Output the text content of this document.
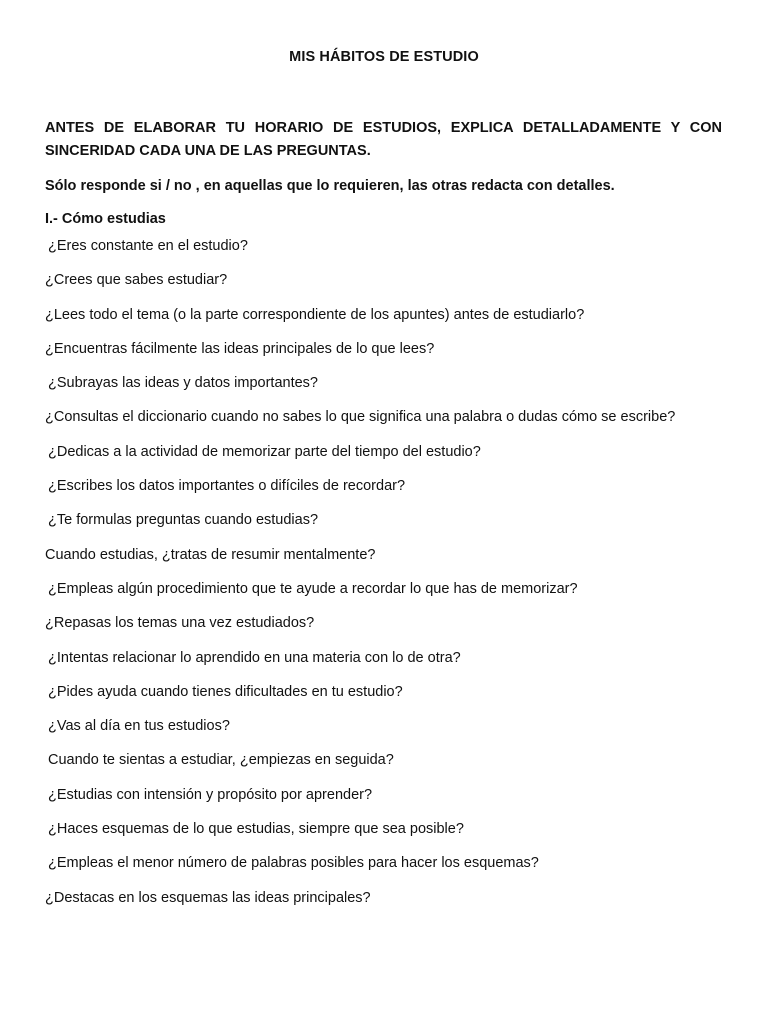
MIS HÁBITOS DE ESTUDIO
ANTES DE ELABORAR TU HORARIO DE ESTUDIOS, EXPLICA DETALLADAMENTE Y CON SINCERIDAD CADA UNA DE LAS PREGUNTAS.
Sólo responde si / no , en aquellas que lo requieren, las otras redacta con detalles.
I.- Cómo estudias
¿Eres constante en el estudio?
¿Crees que sabes estudiar?
¿Lees todo el tema (o la parte correspondiente de los apuntes) antes de estudiarlo?
¿Encuentras fácilmente las ideas principales de lo que lees?
¿Subrayas las ideas y datos importantes?
¿Consultas el diccionario cuando no sabes lo que significa una palabra o dudas cómo se escribe?
¿Dedicas a la actividad de memorizar parte del tiempo del estudio?
¿Escribes los datos importantes o difíciles de recordar?
¿Te formulas preguntas cuando estudias?
Cuando estudias, ¿tratas de resumir mentalmente?
¿Empleas algún procedimiento que te ayude a recordar lo que has de memorizar?
¿Repasas los temas una vez estudiados?
¿Intentas relacionar lo aprendido en una materia con lo de otra?
¿Pides ayuda cuando tienes dificultades en tu estudio?
¿Vas al día en tus estudios?
Cuando te sientas a estudiar, ¿empiezas en seguida?
¿Estudias con intensión y propósito por aprender?
¿Haces esquemas de lo que estudias, siempre que sea posible?
¿Empleas el menor número de palabras posibles para hacer los esquemas?
¿Destacas en los esquemas las ideas principales?
